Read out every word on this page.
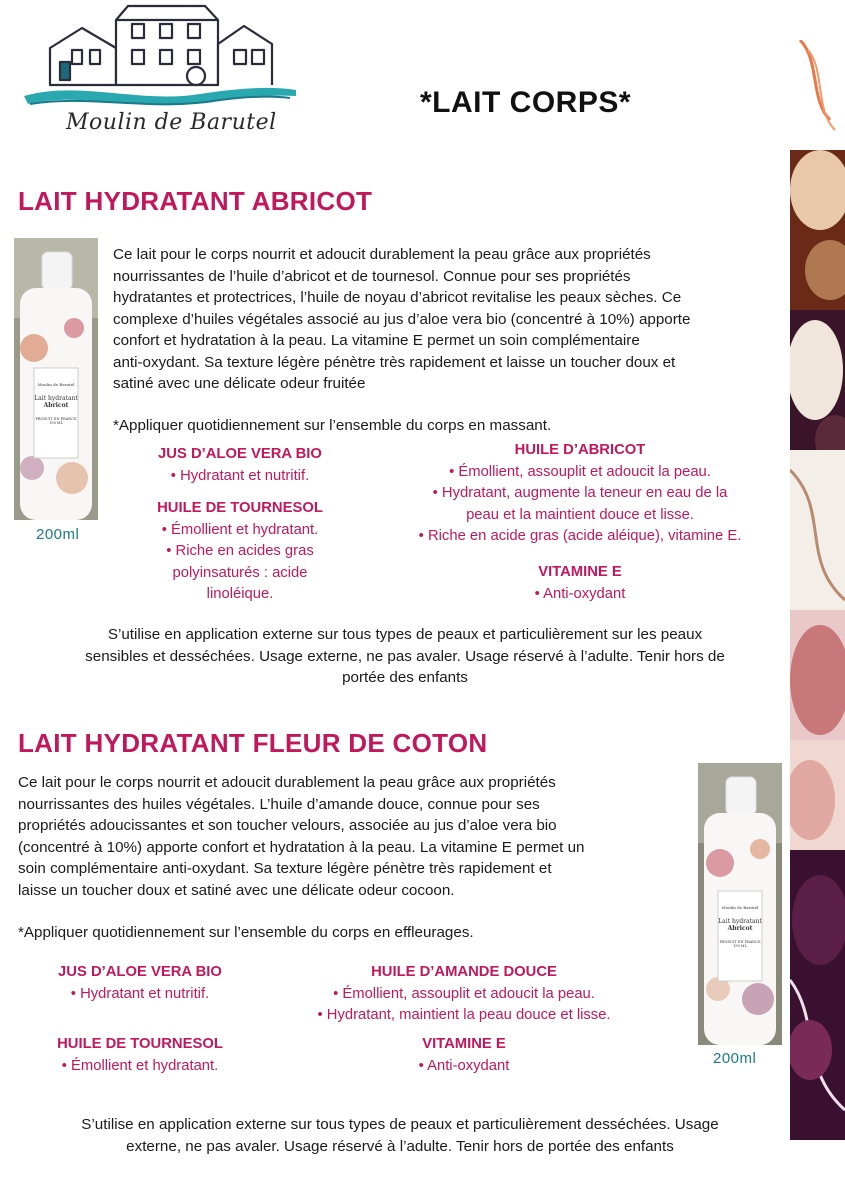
Moulin de Barutel
*LAIT CORPS*
LAIT HYDRATANT ABRICOT
Moulin de Barutel
Lait hydratant
Abricot
PRODUIT EN FRANCE
150 ML
200ml
Ce lait pour le corps nourrit et adoucit durablement la peau grâce aux propriétés
nourrissantes de l’huile d’abricot et de tournesol. Connue pour ses propriétés
hydratantes et protectrices, l’huile de noyau d’abricot revitalise les peaux sèches. Ce
complexe d’huiles végétales associé au jus d’aloe vera bio (concentré à 10%) apporte
confort et hydratation à la peau. La vitamine E permet un soin complémentaire
anti-oxydant. Sa texture légère pénètre très rapidement et laisse un toucher doux et
satiné avec une délicate odeur fruitée
*Appliquer quotidiennement sur l’ensemble du corps en massant.
JUS D’ALOE VERA BIO
• Hydratant et nutritif.
HUILE DE TOURNESOL
• Émollient et hydratant.
• Riche en acides gras
polyinsaturés : acide
linoléique.
HUILE D’ABRICOT
• Émollient, assouplit et adoucit la peau.
• Hydratant, augmente la teneur en eau de la
peau et la maintient douce et lisse.
• Riche en acide gras (acide aléique), vitamine E.
VITAMINE E
• Anti-oxydant
S’utilise en application externe sur tous types de peaux et particulièrement sur les peaux
sensibles et desséchées. Usage externe, ne pas avaler. Usage réservé à l’adulte. Tenir hors de
portée des enfants
LAIT HYDRATANT FLEUR DE COTON
Ce lait pour le corps nourrit et adoucit durablement la peau grâce aux propriétés
nourrissantes des huiles végétales. L’huile d’amande douce, connue pour ses
propriétés adoucissantes et son toucher velours, associée au jus d’aloe vera bio
(concentré à 10%) apporte confort et hydratation à la peau. La vitamine E permet un
soin complémentaire anti-oxydant. Sa texture légère pénètre très rapidement et
laisse un toucher doux et satiné avec une délicate odeur cocoon.
*Appliquer quotidiennement sur l’ensemble du corps en effleurages.
JUS D’ALOE VERA BIO
• Hydratant et nutritif.
HUILE DE TOURNESOL
• Émollient et hydratant.
HUILE D’AMANDE DOUCE
• Émollient, assouplit et adoucit la peau.
• Hydratant, maintient la peau douce et lisse.
VITAMINE E
• Anti-oxydant
Moulin de Barutel
Lait hydratant
Abricot
PRODUIT EN FRANCE
150 ML
200ml
S’utilise en application externe sur tous types de peaux et particulièrement desséchées. Usage
externe, ne pas avaler. Usage réservé à l’adulte. Tenir hors de portée des enfants
